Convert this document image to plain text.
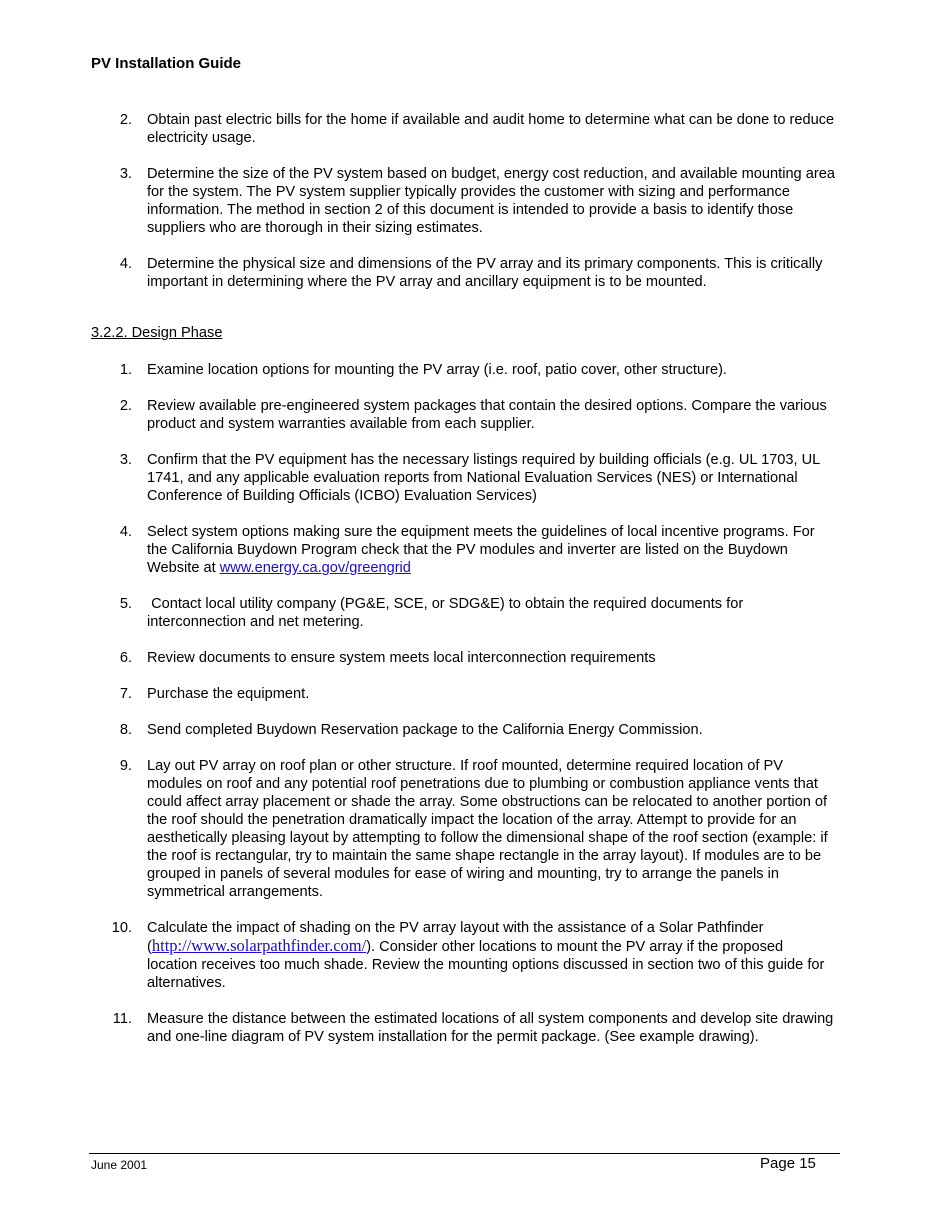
PV Installation Guide
2. Obtain past electric bills for the home if available and audit home to determine what can be done to reduce electricity usage.
3. Determine the size of the PV system based on budget, energy cost reduction, and available mounting area for the system. The PV system supplier typically provides the customer with sizing and performance information. The method in section 2 of this document is intended to provide a basis to identify those suppliers who are thorough in their sizing estimates.
4. Determine the physical size and dimensions of the PV array and its primary components. This is critically important in determining where the PV array and ancillary equipment is to be mounted.

3.2.2. Design Phase

1. Examine location options for mounting the PV array (i.e. roof, patio cover, other structure).
2. Review available pre-engineered system packages that contain the desired options. Compare the various product and system warranties available from each supplier.
3. Confirm that the PV equipment has the necessary listings required by building officials (e.g. UL 1703, UL 1741, and any applicable evaluation reports from National Evaluation Services (NES) or International Conference of Building Officials (ICBO) Evaluation Services)
4. Select system options making sure the equipment meets the guidelines of local incentive programs. For the California Buydown Program check that the PV modules and inverter are listed on the Buydown Website at www.energy.ca.gov/greengrid
5. Contact local utility company (PG&E, SCE, or SDG&E) to obtain the required documents for interconnection and net metering.
6. Review documents to ensure system meets local interconnection requirements
7. Purchase the equipment.
8. Send completed Buydown Reservation package to the California Energy Commission.
9. Lay out PV array on roof plan or other structure. If roof mounted, determine required location of PV modules on roof and any potential roof penetrations due to plumbing or combustion appliance vents that could affect array placement or shade the array. Some obstructions can be relocated to another portion of the roof should the penetration dramatically impact the location of the array. Attempt to provide for an aesthetically pleasing layout by attempting to follow the dimensional shape of the roof section (example: if the roof is rectangular, try to maintain the same shape rectangle in the array layout). If modules are to be grouped in panels of several modules for ease of wiring and mounting, try to arrange the panels in symmetrical arrangements.
10. Calculate the impact of shading on the PV array layout with the assistance of a Solar Pathfinder (http://www.solarpathfinder.com/). Consider other locations to mount the PV array if the proposed location receives too much shade. Review the mounting options discussed in section two of this guide for alternatives.
11. Measure the distance between the estimated locations of all system components and develop site drawing and one-line diagram of PV system installation for the permit package. (See example drawing).
June 2001	Page 15
